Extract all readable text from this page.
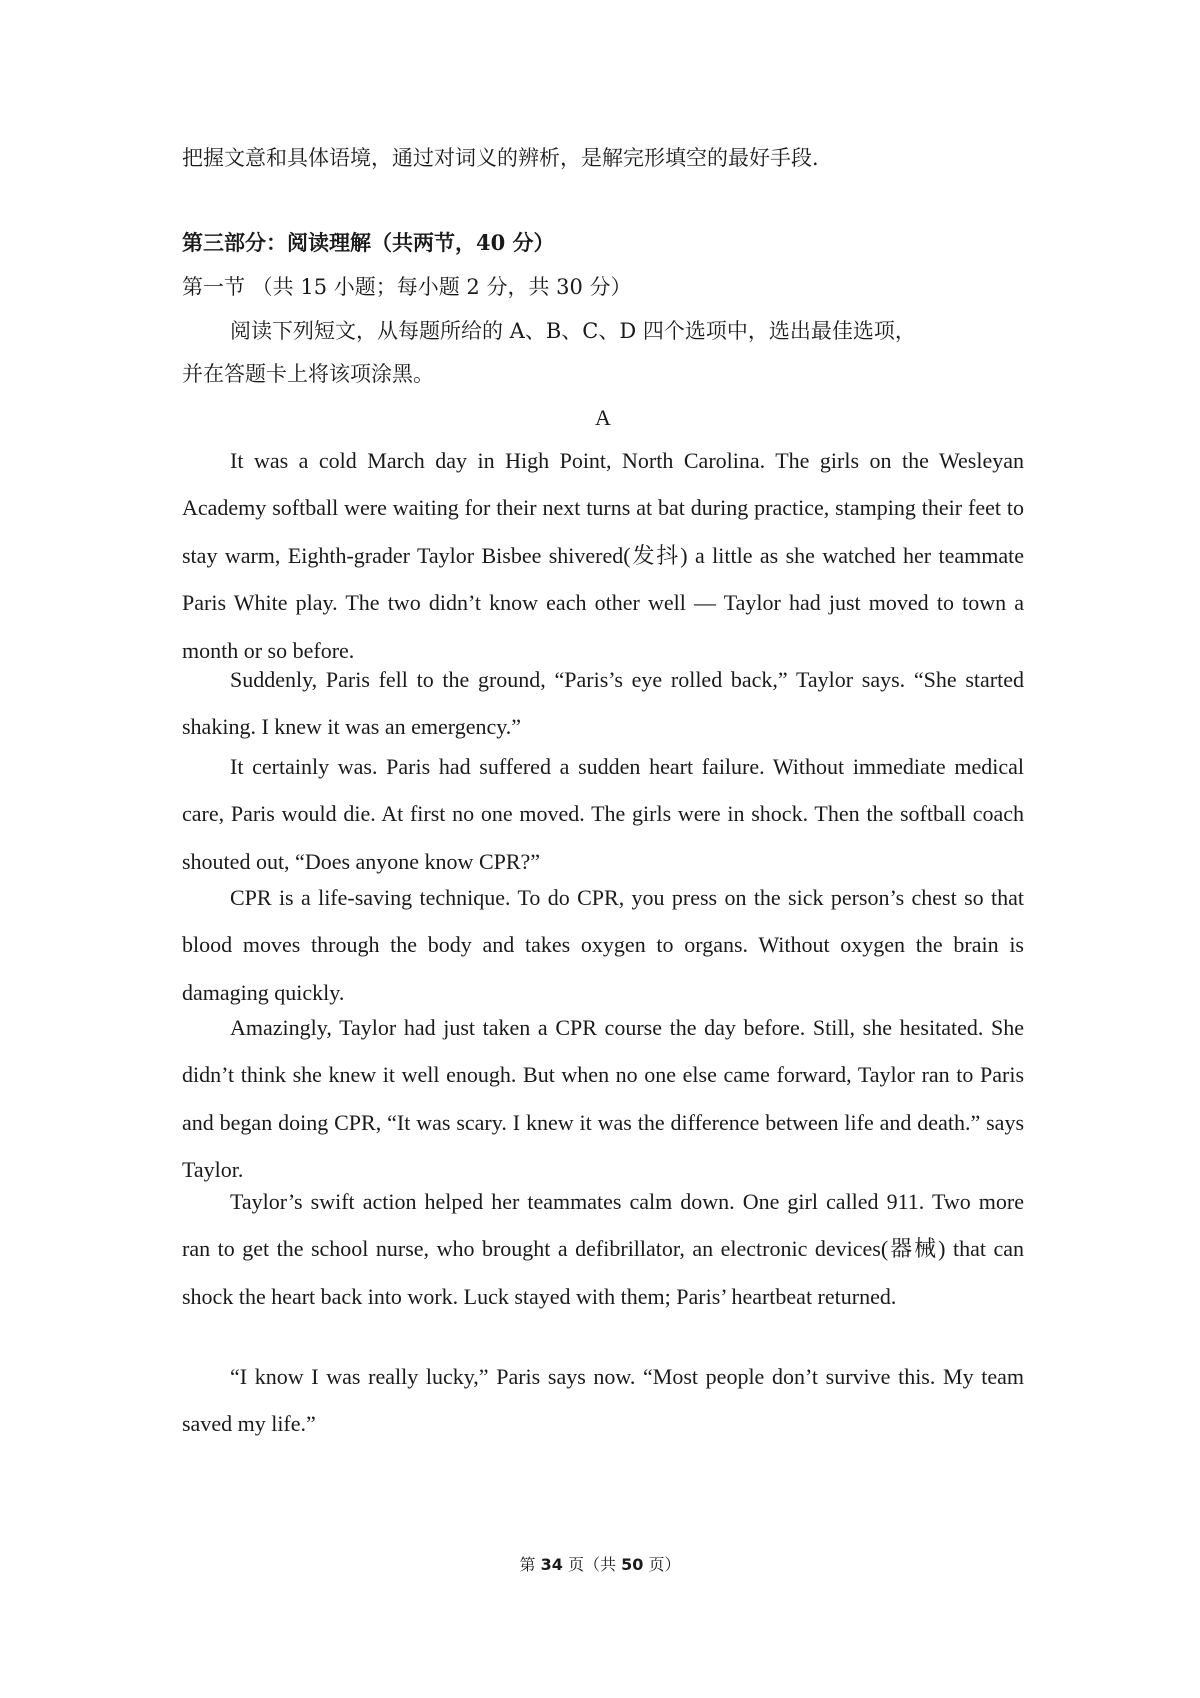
把握文意和具体语境，通过对词义的辨析，是解完形填空的最好手段．
第三部分：阅读理解（共两节，40 分）
第一节 （共 15 小题；每小题 2 分，共 30 分）
阅读下列短文，从每题所给的 A、B、C、D 四个选项中，选出最佳选项，
并在答题卡上将该项涂黑。
A

It was a cold March day in High Point, North Carolina. The girls on the Wesleyan Academy softball were waiting for their next turns at bat during practice, stamping their feet to stay warm, Eighth-grader Taylor Bisbee shivered(发抖) a little as she watched her teammate Paris White play. The two didn’t know each other well — Taylor had just moved to town a month or so before.

Suddenly, Paris fell to the ground, “Paris’s eye rolled back,” Taylor says. “She started shaking. I knew it was an emergency.”

It certainly was. Paris had suffered a sudden heart failure. Without immediate medical care, Paris would die. At first no one moved. The girls were in shock. Then the softball coach shouted out, “Does anyone know CPR?”

CPR is a life-saving technique. To do CPR, you press on the sick person’s chest so that blood moves through the body and takes oxygen to organs. Without oxygen the brain is damaging quickly.

Amazingly, Taylor had just taken a CPR course the day before. Still, she hesitated. She didn’t think she knew it well enough. But when no one else came forward, Taylor ran to Paris and began doing CPR, “It was scary. I knew it was the difference between life and death.” says Taylor.

Taylor’s swift action helped her teammates calm down. One girl called 911. Two more ran to get the school nurse, who brought a defibrillator, an electronic devices(器械) that can shock the heart back into work. Luck stayed with them; Paris’ heartbeat returned.

“I know I was really lucky,” Paris says now. “Most people don’t survive this. My team saved my life.”

第 34 页（共 50 页）
